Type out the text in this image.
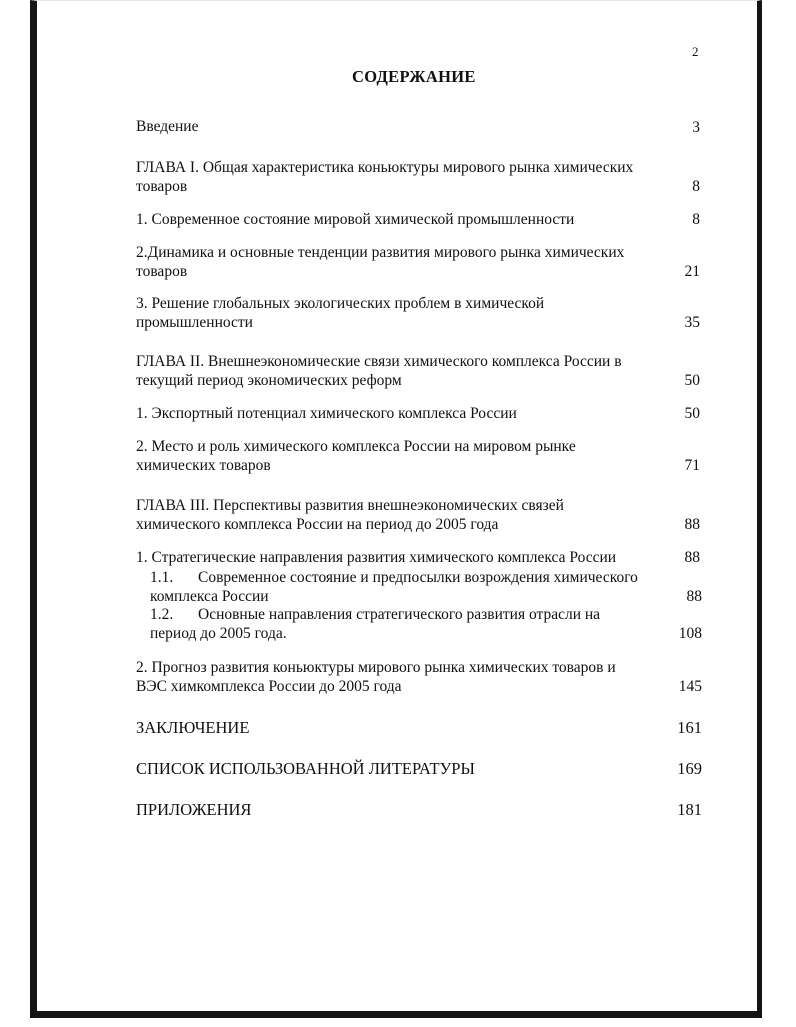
2
СОДЕРЖАНИЕ
Введение	3
ГЛАВА I. Общая характеристика коньюктуры мирового рынка химических
товаров	8
1. Современное состояние мировой химической промышленности	8
2.Динамика и основные тенденции развития мирового рынка химических
товаров	21
3. Решение глобальных экологических проблем в химической
промышленности	35
ГЛАВА II. Внешнеэкономические связи химического комплекса России в
текущий период экономических реформ	50
1. Экспортный потенциал химического комплекса России	50
2. Место и роль химического комплекса России на мировом рынке
химических товаров	71
ГЛАВА III. Перспективы развития внешнеэкономических связей
химического комплекса России на период до 2005 года	88
1. Стратегические направления развития химического комплекса России	88
1.1. Современное состояние и предпосылки возрождения химического
комплекса России	88
1.2. Основные направления стратегического развития отрасли на
период до 2005 года.	108
2. Прогноз развития коньюктуры мирового рынка химических товаров и
ВЭС химкомплекса России до 2005 года	145
ЗАКЛЮЧЕНИЕ	161
СПИСОК ИСПОЛЬЗОВАННОЙ ЛИТЕРАТУРЫ	169
ПРИЛОЖЕНИЯ	181
